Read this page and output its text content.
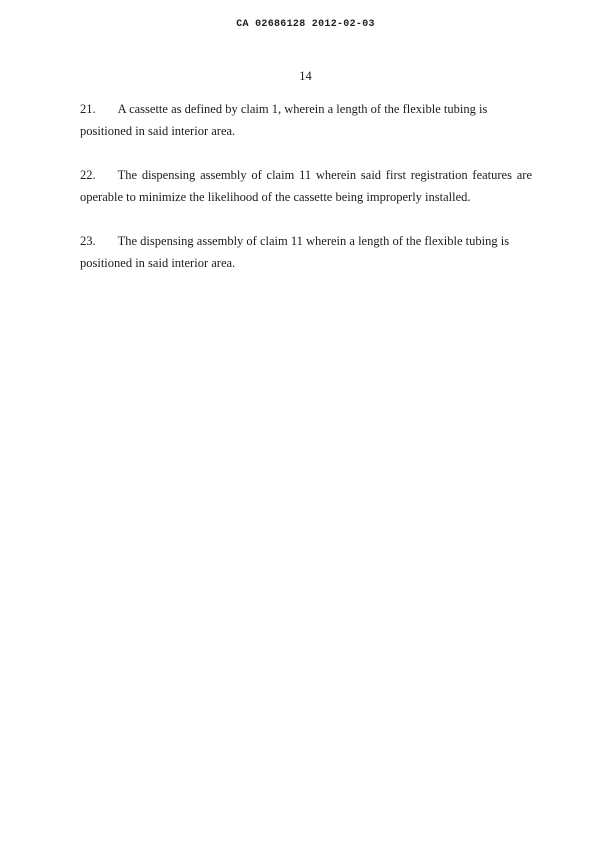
CA 02686128 2012-02-03
14

21. A cassette as defined by claim 1, wherein a length of the flexible tubing is positioned in said interior area.

22. The dispensing assembly of claim 11 wherein said first registration features are operable to minimize the likelihood of the cassette being improperly installed.

23. The dispensing assembly of claim 11 wherein a length of the flexible tubing is positioned in said interior area.
